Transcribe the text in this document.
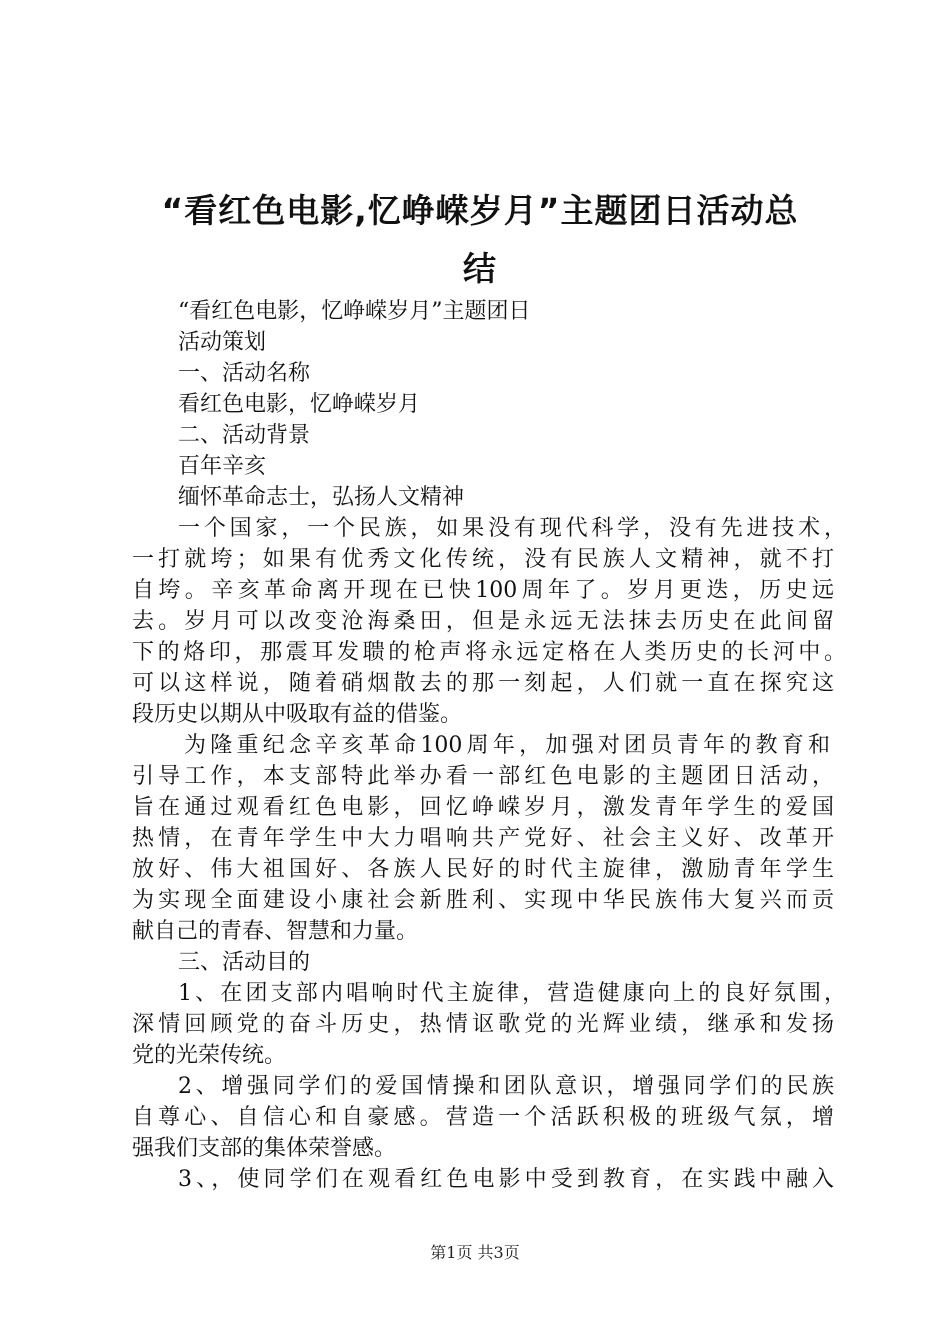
“看红色电影,忆峥嵘岁月”主题团日活动总
结
“看红色电影，忆峥嵘岁月”主题团日
活动策划
一、活动名称
看红色电影，忆峥嵘岁月
二、活动背景
百年辛亥
缅怀革命志士，弘扬人文精神
一个国家，一个民族，如果没有现代科学，没有先进技术，
一打就垮；如果有优秀文化传统，没有民族人文精神，就不打
自垮。辛亥革命离开现在已快100周年了。岁月更迭，历史远
去。岁月可以改变沧海桑田，但是永远无法抹去历史在此间留
下的烙印，那震耳发聩的枪声将永远定格在人类历史的长河中。
可以这样说，随着硝烟散去的那一刻起，人们就一直在探究这
段历史以期从中吸取有益的借鉴。
为隆重纪念辛亥革命100周年，加强对团员青年的教育和
引导工作，本支部特此举办看一部红色电影的主题团日活动，
旨在通过观看红色电影，回忆峥嵘岁月，激发青年学生的爱国
热情，在青年学生中大力唱响共产党好、社会主义好、改革开
放好、伟大祖国好、各族人民好的时代主旋律，激励青年学生
为实现全面建设小康社会新胜利、实现中华民族伟大复兴而贡
献自己的青春、智慧和力量。
三、活动目的
1、在团支部内唱响时代主旋律，营造健康向上的良好氛围，
深情回顾党的奋斗历史，热情讴歌党的光辉业绩，继承和发扬
党的光荣传统。
2、增强同学们的爱国情操和团队意识，增强同学们的民族
自尊心、自信心和自豪感。营造一个活跃积极的班级气氛，增
强我们支部的集体荣誉感。
3、，使同学们在观看红色电影中受到教育，在实践中融入
第1页 共3页
